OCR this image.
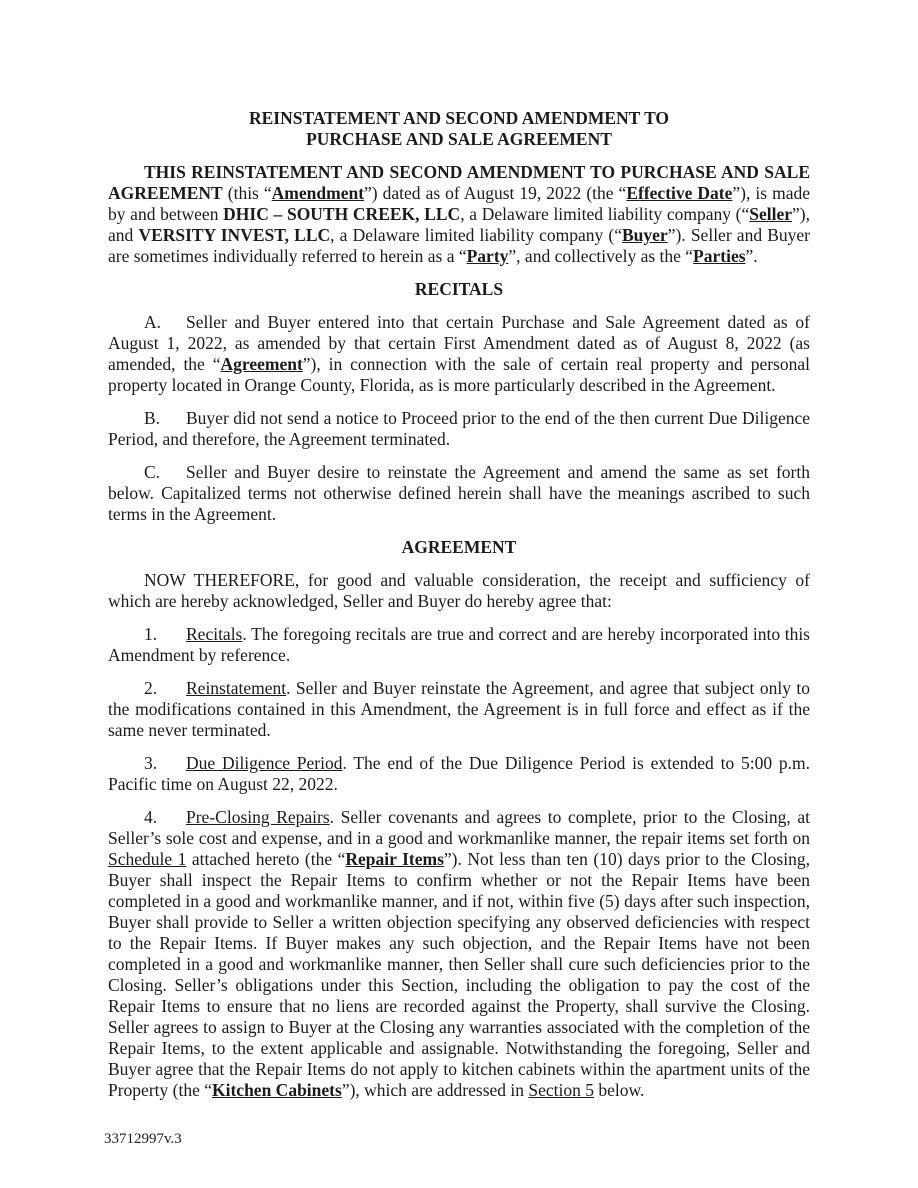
REINSTATEMENT AND SECOND AMENDMENT TO
PURCHASE AND SALE AGREEMENT

THIS REINSTATEMENT AND SECOND AMENDMENT TO PURCHASE AND SALE AGREEMENT (this “Amendment”) dated as of August 19, 2022 (the “Effective Date”), is made by and between DHIC – SOUTH CREEK, LLC, a Delaware limited liability company (“Seller”), and VERSITY INVEST, LLC, a Delaware limited liability company (“Buyer”). Seller and Buyer are sometimes individually referred to herein as a “Party”, and collectively as the “Parties”.

RECITALS

A. Seller and Buyer entered into that certain Purchase and Sale Agreement dated as of August 1, 2022, as amended by that certain First Amendment dated as of August 8, 2022 (as amended, the “Agreement”), in connection with the sale of certain real property and personal property located in Orange County, Florida, as is more particularly described in the Agreement.

B. Buyer did not send a notice to Proceed prior to the end of the then current Due Diligence Period, and therefore, the Agreement terminated.

C. Seller and Buyer desire to reinstate the Agreement and amend the same as set forth below. Capitalized terms not otherwise defined herein shall have the meanings ascribed to such terms in the Agreement.

AGREEMENT

NOW THEREFORE, for good and valuable consideration, the receipt and sufficiency of which are hereby acknowledged, Seller and Buyer do hereby agree that:

1. Recitals. The foregoing recitals are true and correct and are hereby incorporated into this Amendment by reference.

2. Reinstatement. Seller and Buyer reinstate the Agreement, and agree that subject only to the modifications contained in this Amendment, the Agreement is in full force and effect as if the same never terminated.

3. Due Diligence Period. The end of the Due Diligence Period is extended to 5:00 p.m. Pacific time on August 22, 2022.

4. Pre-Closing Repairs. Seller covenants and agrees to complete, prior to the Closing, at Seller’s sole cost and expense, and in a good and workmanlike manner, the repair items set forth on Schedule 1 attached hereto (the “Repair Items”). Not less than ten (10) days prior to the Closing, Buyer shall inspect the Repair Items to confirm whether or not the Repair Items have been completed in a good and workmanlike manner, and if not, within five (5) days after such inspection, Buyer shall provide to Seller a written objection specifying any observed deficiencies with respect to the Repair Items. If Buyer makes any such objection, and the Repair Items have not been completed in a good and workmanlike manner, then Seller shall cure such deficiencies prior to the Closing. Seller’s obligations under this Section, including the obligation to pay the cost of the Repair Items to ensure that no liens are recorded against the Property, shall survive the Closing. Seller agrees to assign to Buyer at the Closing any warranties associated with the completion of the Repair Items, to the extent applicable and assignable. Notwithstanding the foregoing, Seller and Buyer agree that the Repair Items do not apply to kitchen cabinets within the apartment units of the Property (the “Kitchen Cabinets”), which are addressed in Section 5 below.

33712997v.3
